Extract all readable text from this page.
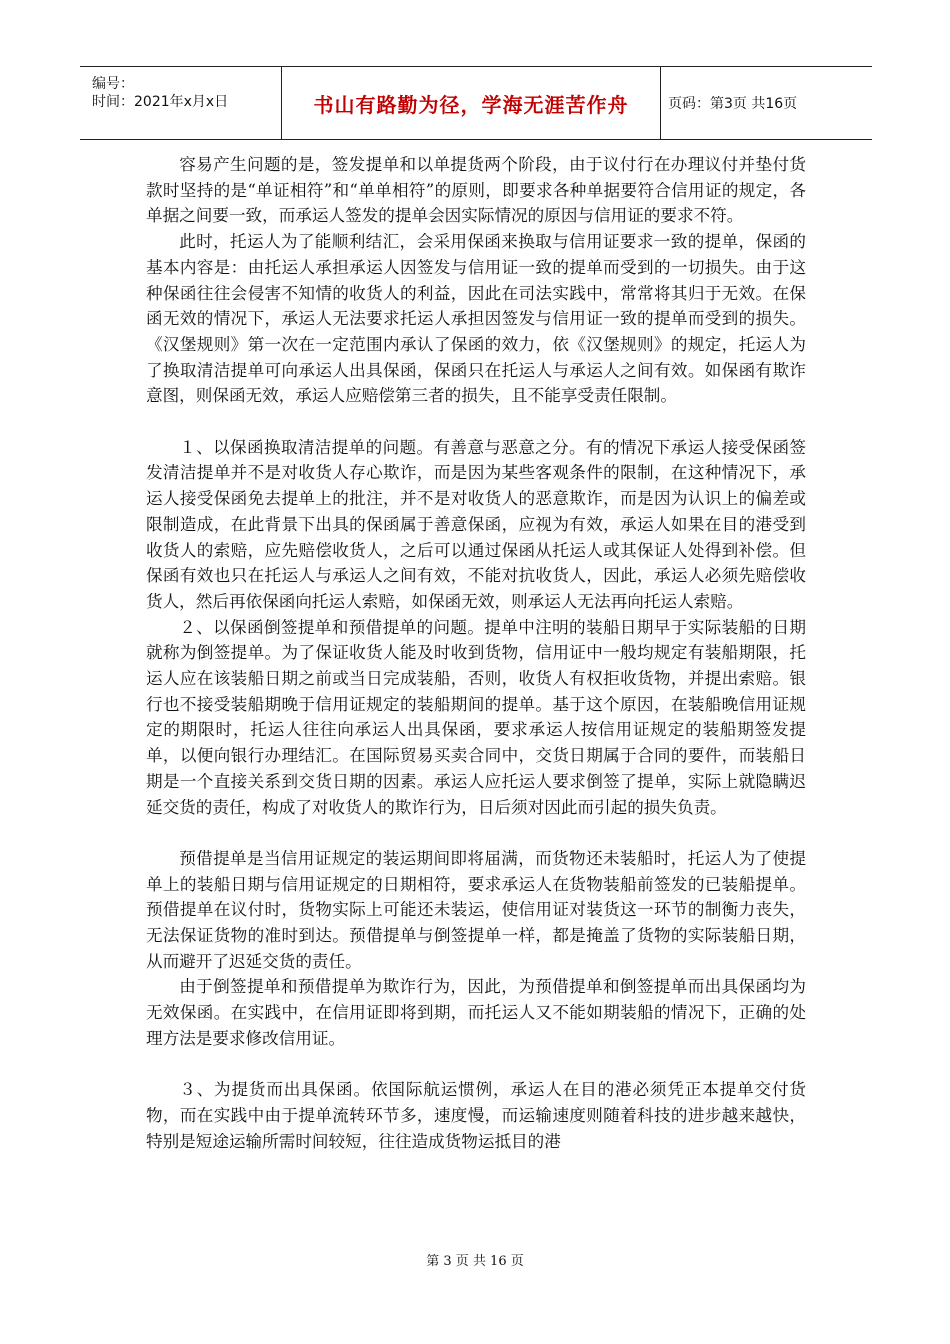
编号：
时间：2021年x月x日	书山有路勤为径，学海无涯苦作舟	页码：第3页 共16页

容易产生问题的是，签发提单和以单提货两个阶段，由于议付行在办理议付并垫付货款时坚持的是“单证相符”和“单单相符”的原则，即要求各种单据要符合信用证的规定，各单据之间要一致，而承运人签发的提单会因实际情况的原因与信用证的要求不符。

此时，托运人为了能顺利结汇，会采用保函来换取与信用证要求一致的提单，保函的基本内容是：由托运人承担承运人因签发与信用证一致的提单而受到的一切损失。由于这种保函往往会侵害不知情的收货人的利益，因此在司法实践中，常常将其归于无效。在保函无效的情况下，承运人无法要求托运人承担因签发与信用证一致的提单而受到的损失。《汉堡规则》第一次在一定范围内承认了保函的效力，依《汉堡规则》的规定，托运人为了换取清洁提单可向承运人出具保函，保函只在托运人与承运人之间有效。如保函有欺诈意图，则保函无效，承运人应赔偿第三者的损失，且不能享受责任限制。

１、以保函换取清洁提单的问题。有善意与恶意之分。有的情况下承运人接受保函签发清洁提单并不是对收货人存心欺诈，而是因为某些客观条件的限制，在这种情况下，承运人接受保函免去提单上的批注，并不是对收货人的恶意欺诈，而是因为认识上的偏差或限制造成，在此背景下出具的保函属于善意保函，应视为有效，承运人如果在目的港受到收货人的索赔，应先赔偿收货人，之后可以通过保函从托运人或其保证人处得到补偿。但保函有效也只在托运人与承运人之间有效，不能对抗收货人，因此，承运人必须先赔偿收货人，然后再依保函向托运人索赔，如保函无效，则承运人无法再向托运人索赔。

２、以保函倒签提单和预借提单的问题。提单中注明的装船日期早于实际装船的日期就称为倒签提单。为了保证收货人能及时收到货物，信用证中一般均规定有装船期限，托运人应在该装船日期之前或当日完成装船，否则，收货人有权拒收货物，并提出索赔。银行也不接受装船期晚于信用证规定的装船期间的提单。基于这个原因，在装船晚信用证规定的期限时，托运人往往向承运人出具保函，要求承运人按信用证规定的装船期签发提单，以便向银行办理结汇。在国际贸易买卖合同中，交货日期属于合同的要件，而装船日期是一个直接关系到交货日期的因素。承运人应托运人要求倒签了提单，实际上就隐瞒迟延交货的责任，构成了对收货人的欺诈行为，日后须对因此而引起的损失负责。

预借提单是当信用证规定的装运期间即将届满，而货物还未装船时，托运人为了使提单上的装船日期与信用证规定的日期相符，要求承运人在货物装船前签发的已装船提单。预借提单在议付时，货物实际上可能还未装运，使信用证对装货这一环节的制衡力丧失，无法保证货物的准时到达。预借提单与倒签提单一样，都是掩盖了货物的实际装船日期，从而避开了迟延交货的责任。

由于倒签提单和预借提单为欺诈行为，因此，为预借提单和倒签提单而出具保函均为无效保函。在实践中，在信用证即将到期，而托运人又不能如期装船的情况下，正确的处理方法是要求修改信用证。

３、为提货而出具保函。依国际航运惯例，承运人在目的港必须凭正本提单交付货物，而在实践中由于提单流转环节多，速度慢，而运输速度则随着科技的进步越来越快，特别是短途运输所需时间较短，往往造成货物运抵目的港

第 3 页 共 16 页
